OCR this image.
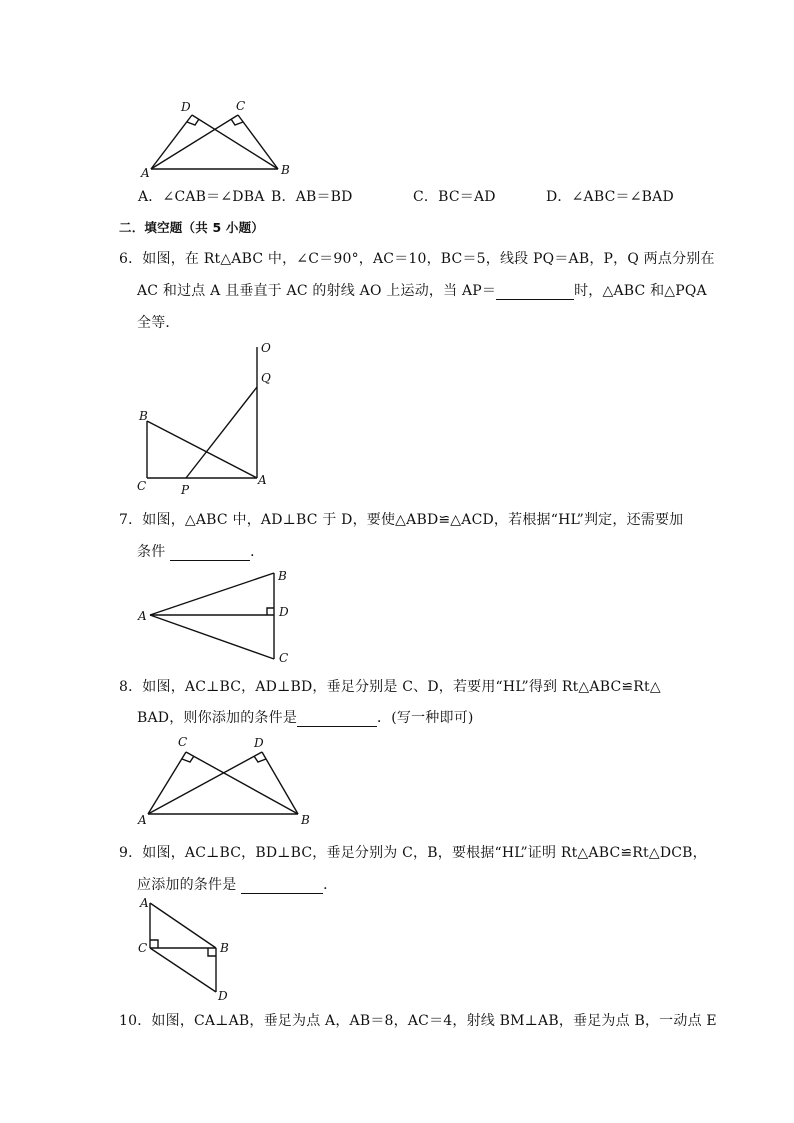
D	C
A	B
A．∠CAB＝∠DBA B．AB＝BD	C．BC＝AD	D．∠ABC＝∠BAD
二．填空题（共 5 小题）
6．如图，在 Rt△ABC 中，∠C＝90°，AC＝10，BC＝5，线段 PQ＝AB，P，Q 两点分别在
AC 和过点 A 且垂直于 AC 的射线 AO 上运动，当 AP＝	时，△ABC 和△PQA
全等．
O
Q
B
C	P
A
7．如图，△ABC 中，AD⊥BC 于 D，要使△ABD≌△ACD，若根据“HL”判定，还需要加
条件	．
B
A	D
C
8．如图，AC⊥BC，AD⊥BD，垂足分别是 C、D，若要用“HL”得到 Rt△ABC≌Rt△
BAD，则你添加的条件是	．(写一种即可)
C	D
A	B
9．如图，AC⊥BC，BD⊥BC，垂足分别为 C，B，要根据“HL”证明 Rt△ABC≌Rt△DCB，
应添加的条件是	．
A
C	B
D
10．如图，CA⊥AB，垂足为点 A，AB＝8，AC＝4，射线 BM⊥AB，垂足为点 B，一动点 E
